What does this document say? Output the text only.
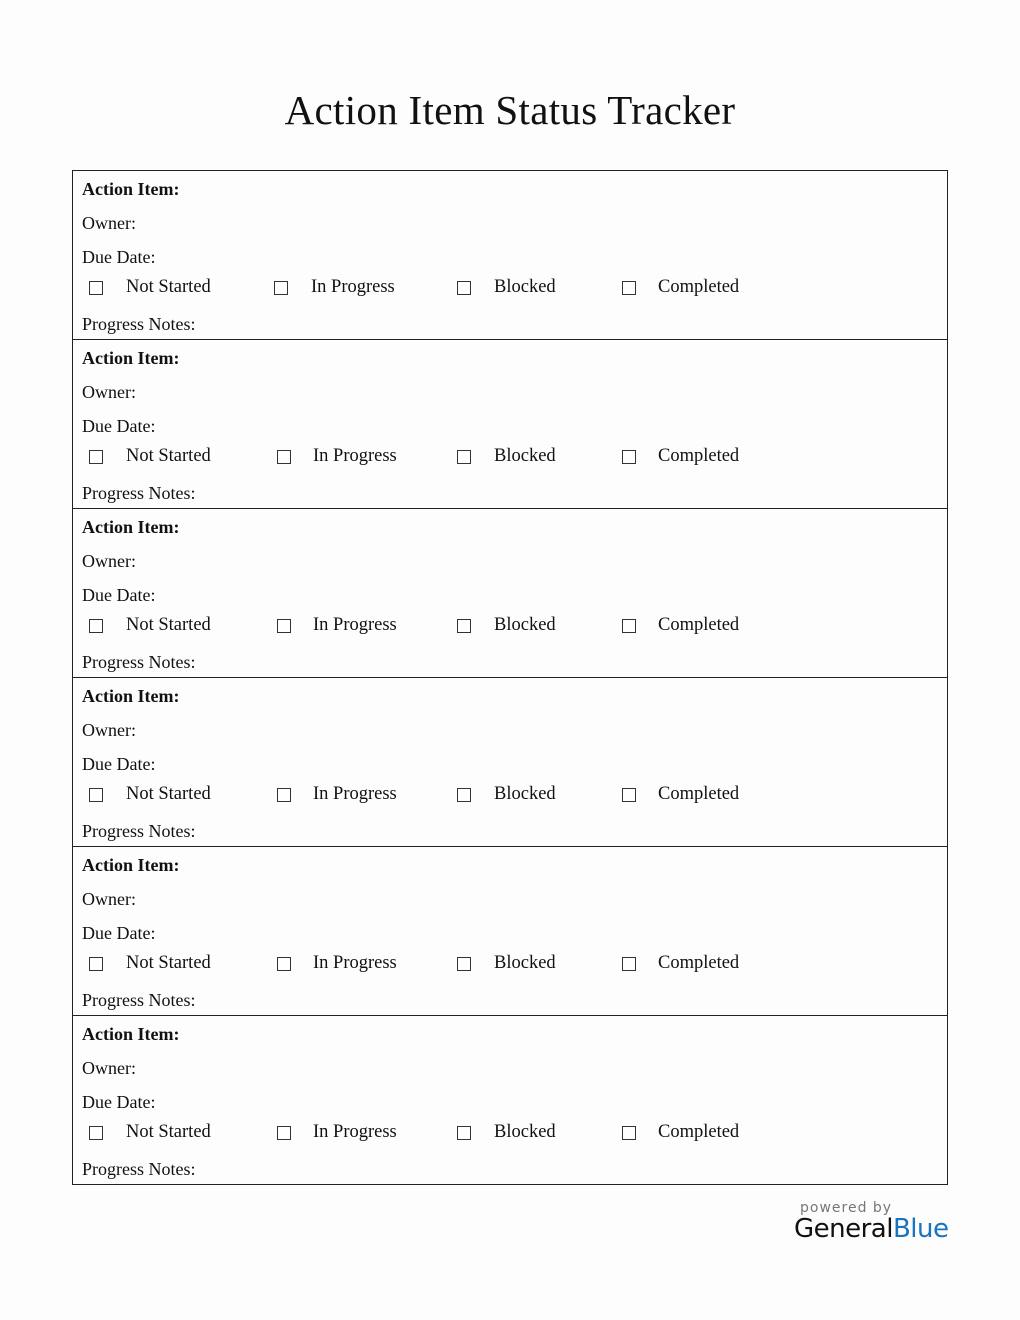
Action Item Status Tracker
Action Item:
Owner:
Due Date:
Progress Notes:
Not Started	In Progress	Blocked	Completed
Action Item:
Owner:
Due Date:
Progress Notes:
Not Started	In Progress	Blocked	Completed
Action Item:
Owner:
Due Date:
Progress Notes:
Not Started	In Progress	Blocked	Completed
Action Item:
Owner:
Due Date:
Progress Notes:
Not Started	In Progress	Blocked	Completed
Action Item:
Owner:
Due Date:
Progress Notes:
Not Started	In Progress	Blocked	Completed
Action Item:
Owner:
Due Date:
Progress Notes:
Not Started	In Progress	Blocked	Completed
powered by
GeneralBlue
